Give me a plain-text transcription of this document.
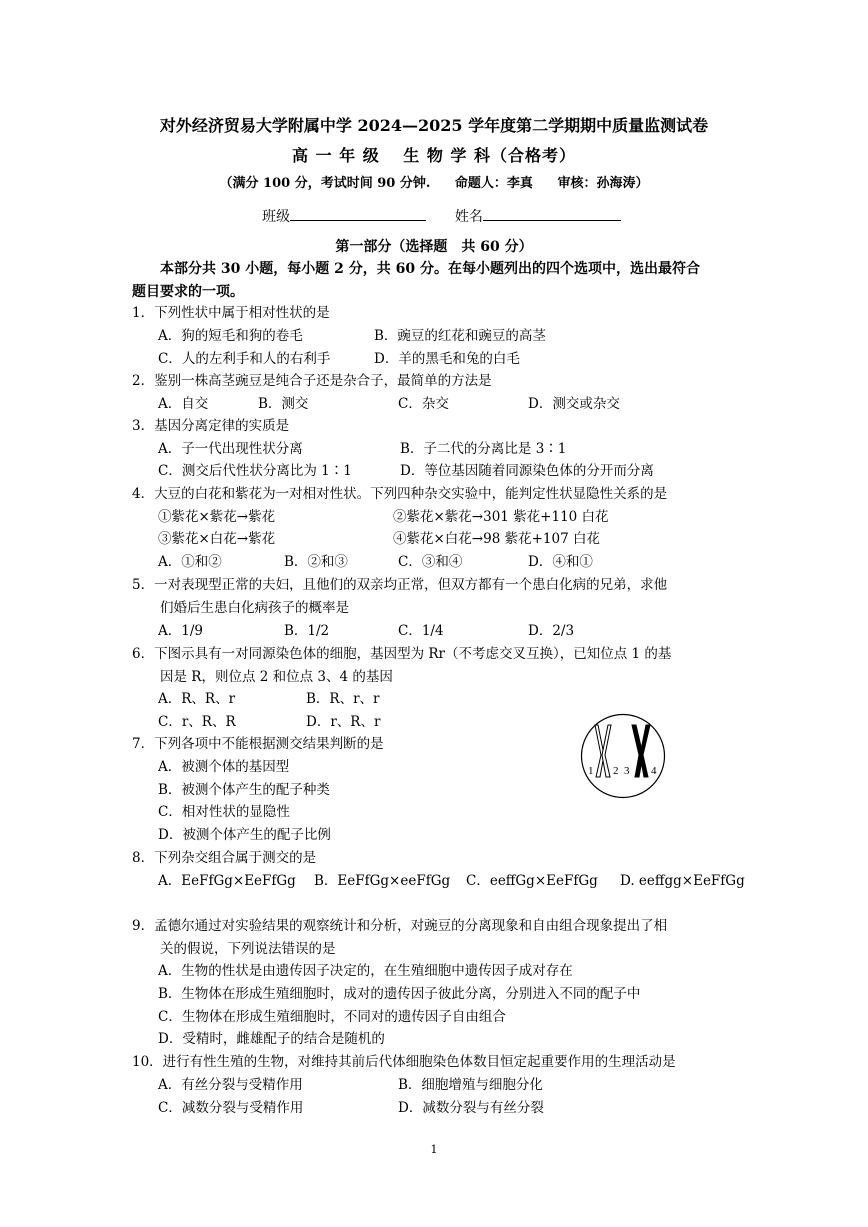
对外经济贸易大学附属中学 2024—2025 学年度第二学期期中质量监测试卷
高 一 年 级　 生 物 学 科（合格考）
（满分 100 分，考试时间 90 分钟. 命题人：李真 审核：孙海涛）
班级	姓名
第一部分（选择题　共 60 分）
本部分共 30 小题，每小题 2 分，共 60 分。在每小题列出的四个选项中，选出最符合
题目要求的一项。
1．下列性状中属于相对性状的是
A．狗的短毛和狗的卷毛	B．豌豆的红花和豌豆的高茎
C．人的左利手和人的右利手	D．羊的黑毛和兔的白毛
2．鉴别一株高茎豌豆是纯合子还是杂合子，最简单的方法是
A．自交	B．测交	C．杂交	D．测交或杂交
3．基因分离定律的实质是
A．子一代出现性状分离	B．子二代的分离比是 3∶1
C．测交后代性状分离比为 1∶1	D．等位基因随着同源染色体的分开而分离
4．大豆的白花和紫花为一对相对性状。下列四种杂交实验中，能判定性状显隐性关系的是
①紫花×紫花→紫花	②紫花×紫花→301 紫花+110 白花
③紫花×白花→紫花	④紫花×白花→98 紫花+107 白花
A．①和②	B．②和③	C．③和④	D．④和①
5．一对表现型正常的夫妇，且他们的双亲均正常，但双方都有一个患白化病的兄弟，求他
们婚后生患白化病孩子的概率是
A．1/9	B．1/2	C．1/4	D．2/3
6．下图示具有一对同源染色体的细胞，基因型为 Rr（不考虑交叉互换），已知位点 1 的基
因是 R，则位点 2 和位点 3、4 的基因
A．R、R、r	B．R、r、r
C．r、R、R	D．r、R、r
7．下列各项中不能根据测交结果判断的是
A．被测个体的基因型
B．被测个体产生的配子种类
C．相对性状的显隐性
D．被测个体产生的配子比例
8．下列杂交组合属于测交的是
A．EeFfGg×EeFfGg B．EeFfGg×eeFfGg C．eeffGg×EeFfGg D. eeffgg×EeFfGg
9．孟德尔通过对实验结果的观察统计和分析，对豌豆的分离现象和自由组合现象提出了相
关的假说，下列说法错误的是
A．生物的性状是由遗传因子决定的，在生殖细胞中遗传因子成对存在
B．生物体在形成生殖细胞时，成对的遗传因子彼此分离，分别进入不同的配子中
C．生物体在形成生殖细胞时，不同对的遗传因子自由组合
D．受精时，雌雄配子的结合是随机的
10．进行有性生殖的生物，对维持其前后代体细胞染色体数目恒定起重要作用的生理活动是
A．有丝分裂与受精作用	B．细胞增殖与细胞分化
C．减数分裂与受精作用	D．减数分裂与有丝分裂
1 2 3 4
1
